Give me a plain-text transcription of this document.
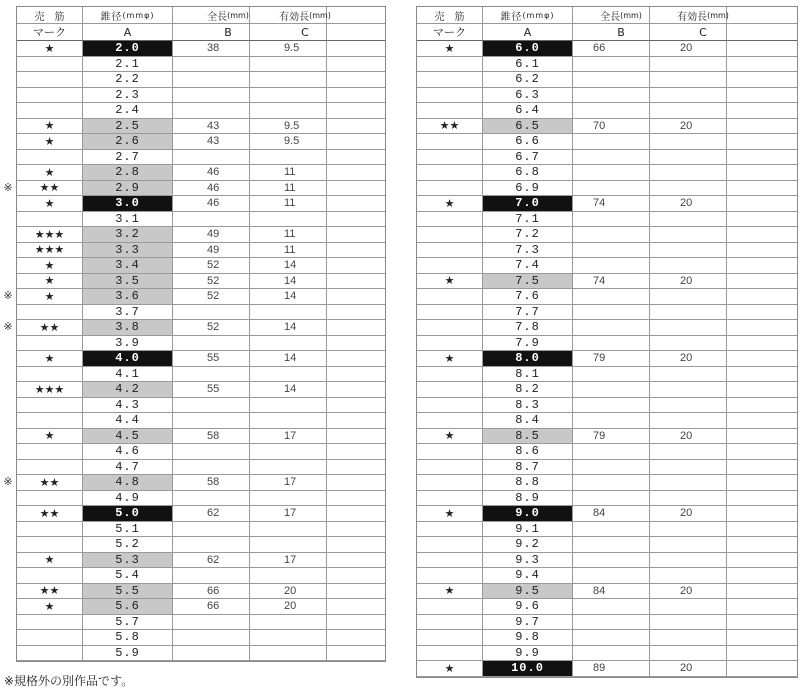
売　筋	錐径 (mmφ)	全長 (mm)	有効長 (mm)
マーク	A	B	C
★	2.0	38	9.5
2.1
2.2
2.3
2.4
★	2.5	43	9.5
★	2.6	43	9.5
2.7
★	2.8	46	11
★★	2.9	46	11
★	3.0	46	11
3.1
★★★	3.2	49	11
★★★	3.3	49	11
★	3.4	52	14
★	3.5	52	14
★	3.6	52	14
3.7
★★	3.8	52	14
3.9
★	4.0	55	14
4.1
★★★	4.2	55	14
4.3
4.4
★	4.5	58	17
4.6
4.7
★★	4.8	58	17
4.9
★★	5.0	62	17
5.1
5.2
★	5.3	62	17
5.4
★★	5.5	66	20
★	5.6	66	20
5.7
5.8
5.9
※
※
※
※
売　筋	錐径 (mmφ)	全長 (mm)	有効長 (mm)
マーク	A	B	C
★	6.0	66	20
6.1
6.2
6.3
6.4
★★	6.5	70	20
6.6
6.7
6.8
6.9
★	7.0	74	20
7.1
7.2
7.3
7.4
★	7.5	74	20
7.6
7.7
7.8
7.9
★	8.0	79	20
8.1
8.2
8.3
8.4
★	8.5	79	20
8.6
8.7
8.8
8.9
★	9.0	84	20
9.1
9.2
9.3
9.4
★	9.5	84	20
9.6
9.7
9.8
9.9
★	10.0	89	20
※規格外の別作品です。
